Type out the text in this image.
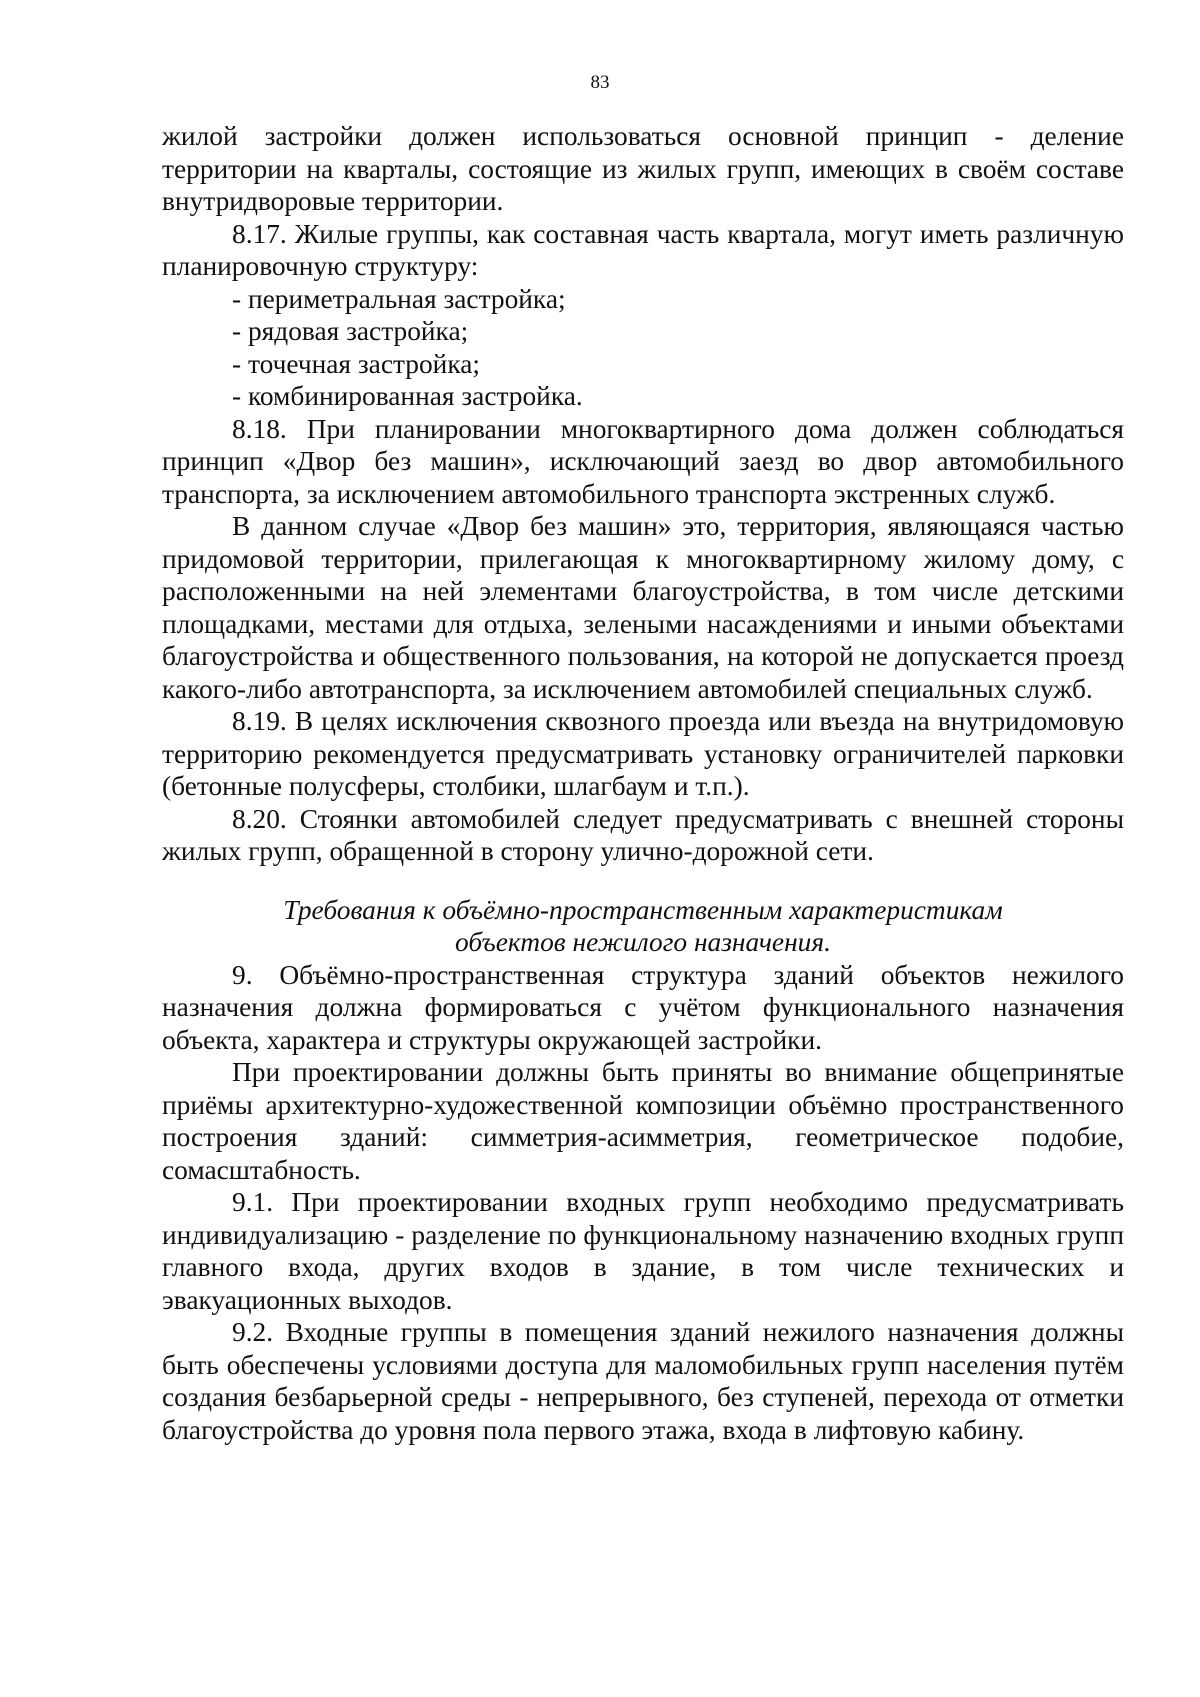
83

жилой застройки должен использоваться основной принцип - деление территории на кварталы, состоящие из жилых групп, имеющих в своём составе внутридворовые территории.

8.17. Жилые группы, как составная часть квартала, могут иметь различную планировочную структуру:

- периметральная застройка;

- рядовая застройка;

- точечная застройка;

- комбинированная застройка.

8.18. При планировании многоквартирного дома должен соблюдаться принцип «Двор без машин», исключающий заезд во двор автомобильного транспорта, за исключением автомобильного транспорта экстренных служб.

В данном случае «Двор без машин» это, территория, являющаяся частью придомовой территории, прилегающая к многоквартирному жилому дому, с расположенными на ней элементами благоустройства, в том числе детскими площадками, местами для отдыха, зелеными насаждениями и иными объектами благоустройства и общественного пользования, на которой не допускается проезд какого-либо автотранспорта, за исключением автомобилей специальных служб.

8.19. В целях исключения сквозного проезда или въезда на внутридомовую территорию рекомендуется предусматривать установку ограничителей парковки (бетонные полусферы, столбики, шлагбаум и т.п.).

8.20. Стоянки автомобилей следует предусматривать с внешней стороны жилых групп, обращенной в сторону улично-дорожной сети.

Требования к объёмно-пространственным характеристикам
объектов нежилого назначения.

9. Объёмно-пространственная структура зданий объектов нежилого назначения должна формироваться с учётом функционального назначения объекта, характера и структуры окружающей застройки.

При проектировании должны быть приняты во внимание общепринятые приёмы архитектурно-художественной композиции объёмно пространственного построения зданий: симметрия-асимметрия, геометрическое подобие, сомасштабность.

9.1. При проектировании входных групп необходимо предусматривать индивидуализацию - разделение по функциональному назначению входных групп главного входа, других входов в здание, в том числе технических и эвакуационных выходов.

9.2. Входные группы в помещения зданий нежилого назначения должны быть обеспечены условиями доступа для маломобильных групп населения путём создания безбарьерной среды - непрерывного, без ступеней, перехода от отметки благоустройства до уровня пола первого этажа, входа в лифтовую кабину.
